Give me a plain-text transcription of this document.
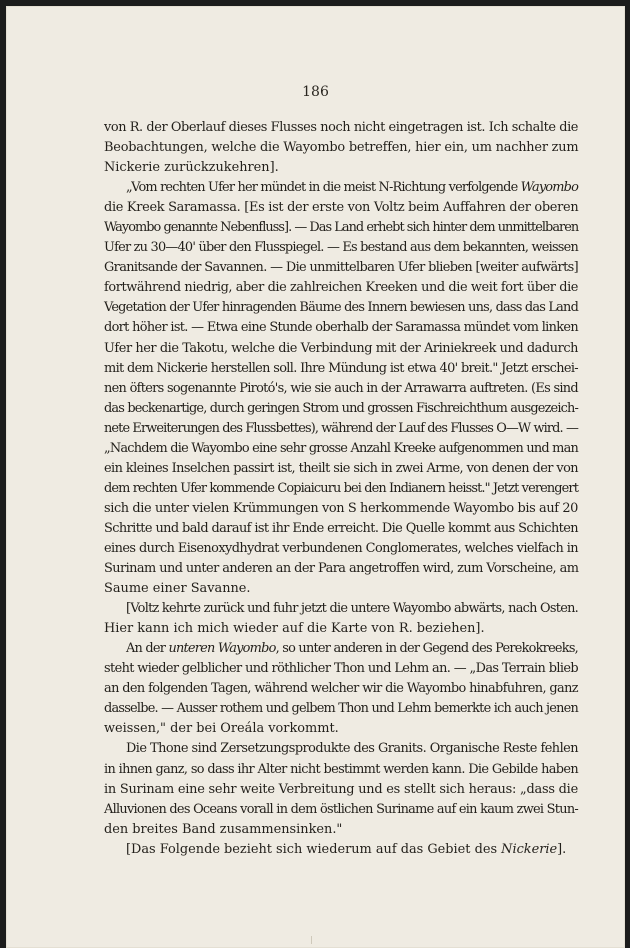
186

von R. der Oberlauf dieses Flusses noch nicht eingetragen ist. Ich schalte die
Beobachtungen, welche die Wayombo betreffen, hier ein, um nachher zum
Nickerie zurückzukehren].

„Vom rechten Ufer her mündet in die meist N-Richtung verfolgende Wayombo
die Kreek Saramassa. [Es ist der erste von Voltz beim Auffahren der oberen
Wayombo genannte Nebenfluss]. — Das Land erhebt sich hinter dem unmittelbaren
Ufer zu 30—40' über den Flusspiegel. — Es bestand aus dem bekannten, weissen
Granitsande der Savannen. — Die unmittelbaren Ufer blieben [weiter aufwärts]
fortwährend niedrig, aber die zahlreichen Kreeken und die weit fort über die
Vegetation der Ufer hinragenden Bäume des Innern bewiesen uns, dass das Land
dort höher ist. — Etwa eine Stunde oberhalb der Saramassa mündet vom linken
Ufer her die Takotu, welche die Verbindung mit der Ariniekreek und dadurch
mit dem Nickerie herstellen soll. Ihre Mündung ist etwa 40' breit." Jetzt erschei-
nen öfters sogenannte Pirotó's, wie sie auch in der Arrawarra auftreten. (Es sind
das beckenartige, durch geringen Strom und grossen Fischreichthum ausgezeich-
nete Erweiterungen des Flussbettes), während der Lauf des Flusses O—W wird. —
„Nachdem die Wayombo eine sehr grosse Anzahl Kreeke aufgenommen und man
ein kleines Inselchen passirt ist, theilt sie sich in zwei Arme, von denen der von
dem rechten Ufer kommende Copiaicuru bei den Indianern heisst." Jetzt verengert
sich die unter vielen Krümmungen von S herkommende Wayombo bis auf 20
Schritte und bald darauf ist ihr Ende erreicht. Die Quelle kommt aus Schichten
eines durch Eisenoxydhydrat verbundenen Conglomerates, welches vielfach in
Surinam und unter anderen an der Para angetroffen wird, zum Vorscheine, am
Saume einer Savanne.

[Voltz kehrte zurück und fuhr jetzt die untere Wayombo abwärts, nach Osten.
Hier kann ich mich wieder auf die Karte von R. beziehen].

An der unteren Wayombo, so unter anderen in der Gegend des Perekokreeks,
steht wieder gelblicher und röthlicher Thon und Lehm an. — „Das Terrain blieb
an den folgenden Tagen, während welcher wir die Wayombo hinabfuhren, ganz
dasselbe. — Ausser rothem und gelbem Thon und Lehm bemerkte ich auch jenen
weissen," der bei Oreála vorkommt.

Die Thone sind Zersetzungsprodukte des Granits. Organische Reste fehlen
in ihnen ganz, so dass ihr Alter nicht bestimmt werden kann. Die Gebilde haben
in Surinam eine sehr weite Verbreitung und es stellt sich heraus: „dass die
Alluvionen des Oceans vorall in dem östlichen Suriname auf ein kaum zwei Stun-
den breites Band zusammensinken."

[Das Folgende bezieht sich wiederum auf das Gebiet des Nickerie].
